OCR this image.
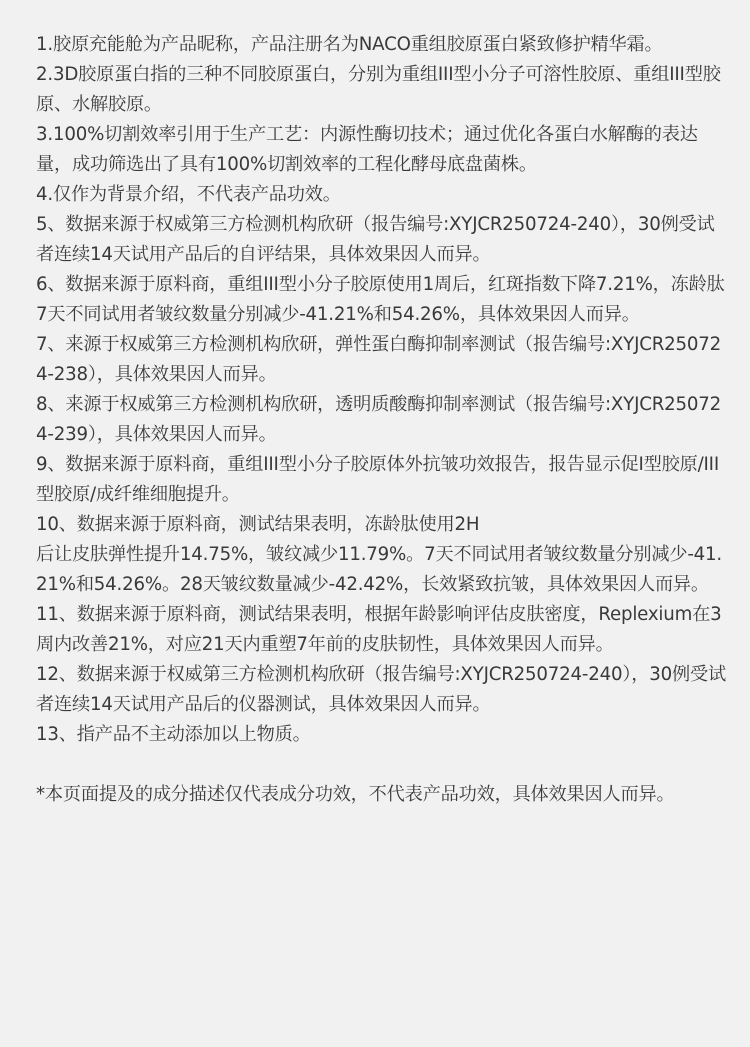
1.胶原充能舱为产品昵称，产品注册名为NACO重组胶原蛋白紧致修护精华霜。

2.3D胶原蛋白指的三种不同胶原蛋白，分别为重组III型小分子可溶性胶原、重组III型胶原、水解胶原。

3.100%切割效率引用于生产工艺：内源性酶切技术；通过优化各蛋白水解酶的表达量，成功筛选出了具有100%切割效率的工程化酵母底盘菌株。

4.仅作为背景介绍，不代表产品功效。

5、数据来源于权威第三方检测机构欣研（报告编号:XYJCR250724-240），30例受试者连续14天试用产品后的自评结果，具体效果因人而异。

6、数据来源于原料商，重组III型小分子胶原使用1周后，红斑指数下降7.21%，冻龄肽7天不同试用者皱纹数量分别减少-41.21%和54.26%，具体效果因人而异。

7、来源于权威第三方检测机构欣研，弹性蛋白酶抑制率测试（报告编号:XYJCR250724-238），具体效果因人而异。

8、来源于权威第三方检测机构欣研，透明质酸酶抑制率测试（报告编号:XYJCR250724-239），具体效果因人而异。

9、数据来源于原料商，重组III型小分子胶原体外抗皱功效报告，报告显示促I型胶原/III型胶原/成纤维细胞提升。

10、数据来源于原料商，测试结果表明，冻龄肽使用2H
后让皮肤弹性提升14.75%，皱纹减少11.79%。7天不同试用者皱纹数量分别减少-41.21%和54.26%。28天皱纹数量减少-42.42%，长效紧致抗皱，具体效果因人而异。

11、数据来源于原料商，测试结果表明，根据年龄影响评估皮肤密度，Replexium在3周内改善21%，对应21天内重塑7年前的皮肤韧性，具体效果因人而异。

12、数据来源于权威第三方检测机构欣研（报告编号:XYJCR250724-240），30例受试者连续14天试用产品后的仪器测试，具体效果因人而异。

13、指产品不主动添加以上物质。

*本页面提及的成分描述仅代表成分功效，不代表产品功效，具体效果因人而异。
